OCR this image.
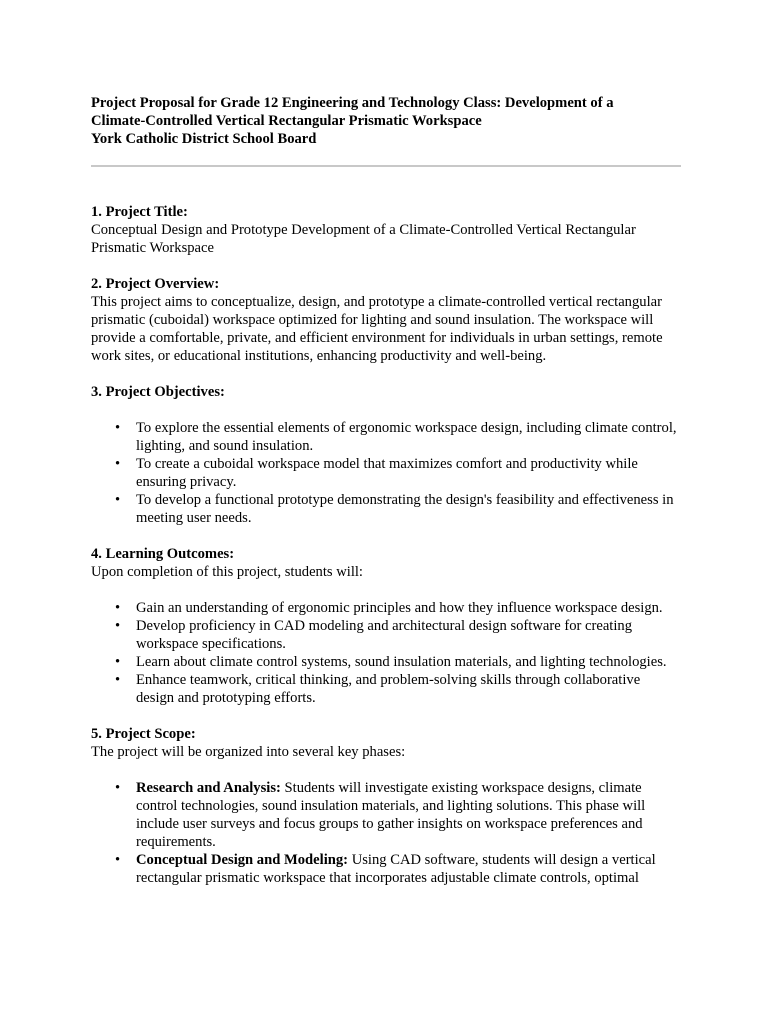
Project Proposal for Grade 12 Engineering and Technology Class: Development of a
Climate-Controlled Vertical Rectangular Prismatic Workspace
York Catholic District School Board
1. Project Title:

Conceptual Design and Prototype Development of a Climate-Controlled Vertical Rectangular Prismatic Workspace

2. Project Overview:

This project aims to conceptualize, design, and prototype a climate-controlled vertical rectangular prismatic (cuboidal) workspace optimized for lighting and sound insulation. The workspace will provide a comfortable, private, and efficient environment for individuals in urban settings, remote work sites, or educational institutions, enhancing productivity and well-being.

3. Project Objectives:
• To explore the essential elements of ergonomic workspace design, including climate control, lighting, and sound insulation.
• To create a cuboidal workspace model that maximizes comfort and productivity while ensuring privacy.
• To develop a functional prototype demonstrating the design's feasibility and effectiveness in meeting user needs.
4. Learning Outcomes:

Upon completion of this project, students will:

• Gain an understanding of ergonomic principles and how they influence workspace design.
• Develop proficiency in CAD modeling and architectural design software for creating workspace specifications.
• Learn about climate control systems, sound insulation materials, and lighting technologies.
• Enhance teamwork, critical thinking, and problem-solving skills through collaborative design and prototyping efforts.
5. Project Scope:

The project will be organized into several key phases:

• Research and Analysis: Students will investigate existing workspace designs, climate control technologies, sound insulation materials, and lighting solutions. This phase will include user surveys and focus groups to gather insights on workspace preferences and requirements.
• Conceptual Design and Modeling: Using CAD software, students will design a vertical rectangular prismatic workspace that incorporates adjustable climate controls, optimal
